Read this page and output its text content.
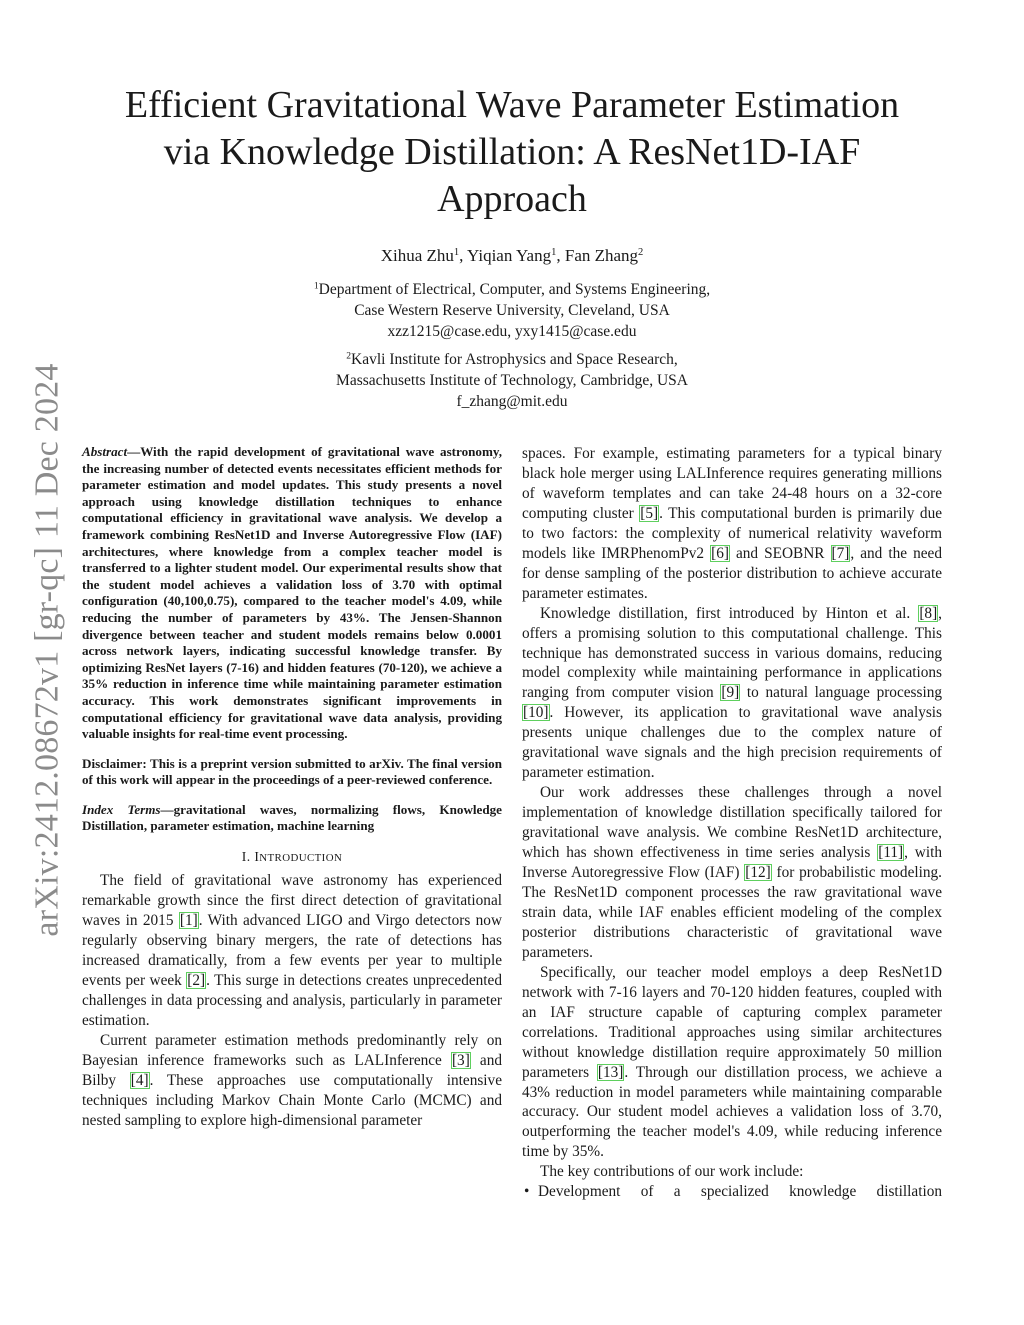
arXiv:2412.08672v1 [gr-qc] 11 Dec 2024
Efficient Gravitational Wave Parameter Estimation
via Knowledge Distillation: A ResNet1D-IAF
Approach
Xihua Zhu$^1$, Yiqian Yang$^1$, Fan Zhang$^2$
$^1$Department of Electrical, Computer, and Systems Engineering,
Case Western Reserve University, Cleveland, USA
xzz1215@case.edu, yxy1415@case.edu
$^2$Kavli Institute for Astrophysics and Space Research,
Massachusetts Institute of Technology, Cambridge, USA
f_zhang@mit.edu

Abstract—With the rapid development of gravitational wave astronomy, the increasing number of detected events necessitates efficient methods for parameter estimation and model updates. This study presents a novel approach using knowledge distillation techniques to enhance computational efficiency in gravitational wave analysis. We develop a framework combining ResNet1D and Inverse Autoregressive Flow (IAF) architectures, where knowledge from a complex teacher model is transferred to a lighter student model. Our experimental results show that the student model achieves a validation loss of 3.70 with optimal configuration (40,100,0.75), compared to the teacher model's 4.09, while reducing the number of parameters by 43%. The Jensen-Shannon divergence between teacher and student models remains below 0.0001 across network layers, indicating successful knowledge transfer. By optimizing ResNet layers (7-16) and hidden features (70-120), we achieve a 35% reduction in inference time while maintaining parameter estimation accuracy. This work demonstrates significant improvements in computational efficiency for gravitational wave data analysis, providing valuable insights for real-time event processing.

Disclaimer: This is a preprint version submitted to arXiv. The final version of this work will appear in the proceedings of a peer-reviewed conference.

Index Terms—gravitational waves, normalizing flows, Knowledge Distillation, parameter estimation, machine learning

I. INTRODUCTION

The field of gravitational wave astronomy has experienced remarkable growth since the first direct detection of gravitational waves in 2015 [1]. With advanced LIGO and Virgo detectors now regularly observing binary mergers, the rate of detections has increased dramatically, from a few events per year to multiple events per week [2]. This surge in detections creates unprecedented challenges in data processing and analysis, particularly in parameter estimation.

Current parameter estimation methods predominantly rely on Bayesian inference frameworks such as LALInference [3] and Bilby [4]. These approaches use computationally intensive techniques including Markov Chain Monte Carlo (MCMC) and nested sampling to explore high-dimensional parameter

spaces. For example, estimating parameters for a typical binary black hole merger using LALInference requires generating millions of waveform templates and can take 24-48 hours on a 32-core computing cluster [5]. This computational burden is primarily due to two factors: the complexity of numerical relativity waveform models like IMRPhenomPv2 [6] and SEOBNR [7], and the need for dense sampling of the posterior distribution to achieve accurate parameter estimates.

Knowledge distillation, first introduced by Hinton et al. [8], offers a promising solution to this computational challenge. This technique has demonstrated success in various domains, reducing model complexity while maintaining performance in applications ranging from computer vision [9] to natural language processing [10]. However, its application to gravitational wave analysis presents unique challenges due to the complex nature of gravitational wave signals and the high precision requirements of parameter estimation.

Our work addresses these challenges through a novel implementation of knowledge distillation specifically tailored for gravitational wave analysis. We combine ResNet1D architecture, which has shown effectiveness in time series analysis [11], with Inverse Autoregressive Flow (IAF) [12] for probabilistic modeling. The ResNet1D component processes the raw gravitational wave strain data, while IAF enables efficient modeling of the complex posterior distributions characteristic of gravitational wave parameters.

Specifically, our teacher model employs a deep ResNet1D network with 7-16 layers and 70-120 hidden features, coupled with an IAF structure capable of capturing complex parameter correlations. Traditional approaches using similar architectures without knowledge distillation require approximately 50 million parameters [13]. Through our distillation process, we achieve a 43% reduction in model parameters while maintaining comparable accuracy. Our student model achieves a validation loss of 3.70, outperforming the teacher model's 4.09, while reducing inference time by 35%.

The key contributions of our work include:

• Development of a specialized knowledge distillation
